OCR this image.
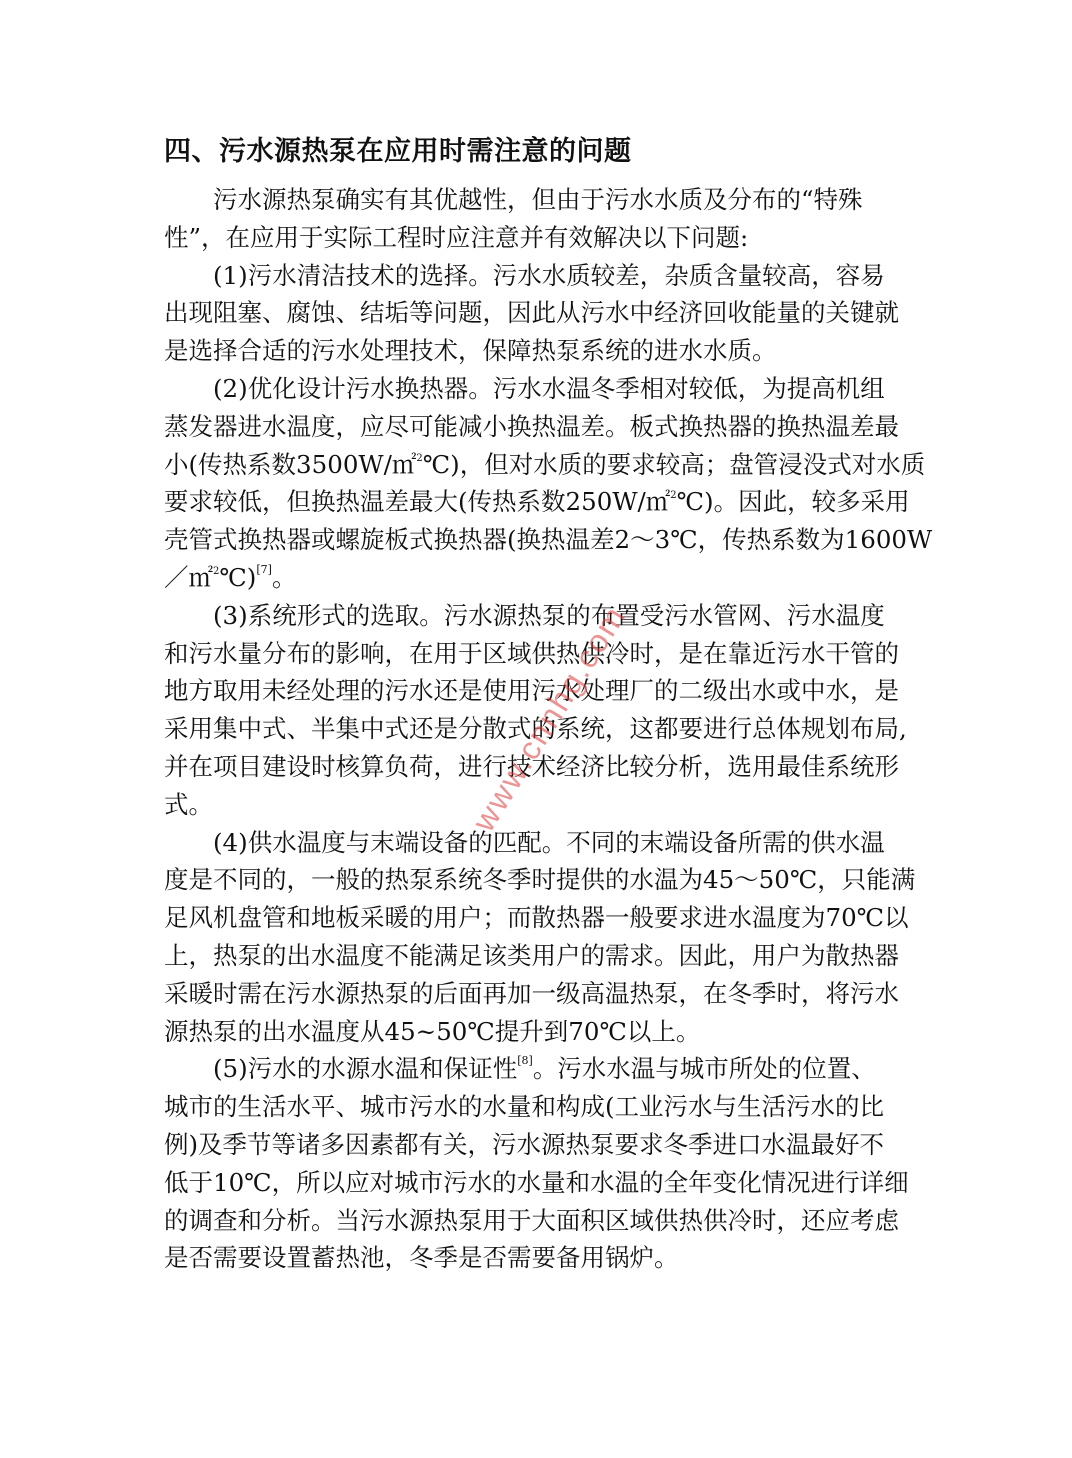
四、污水源热泵在应用时需注意的问题

污水源热泵确实有其优越性，但由于污水水质及分布的“特殊
性”，在应用于实际工程时应注意并有效解决以下问题:

(1)污水清洁技术的选择。污水水质较差，杂质含量较高，容易
出现阻塞、腐蚀、结垢等问题，因此从污水中经济回收能量的关键就
是选择合适的污水处理技术，保障热泵系统的进水水质。

(2)优化设计污水换热器。污水水温冬季相对较低，为提高机组
蒸发器进水温度，应尽可能减小换热温差。板式换热器的换热温差最
小(传热系数3500W/㎡$^2$℃)，但对水质的要求较高；盘管浸没式对水质
要求较低，但换热温差最大(传热系数250W/㎡$^2$℃)。因此，较多采用
壳管式换热器或螺旋板式换热器(换热温差2～3℃，传热系数为1600W
／㎡$^2$℃)[7]。

(3)系统形式的选取。污水源热泵的布置受污水管网、污水温度
和污水量分布的影响，在用于区域供热供冷时，是在靠近污水干管的
地方取用未经处理的污水还是使用污水处理厂的二级出水或中水，是
采用集中式、半集中式还是分散式的系统，这都要进行总体规划布局,
并在项目建设时核算负荷，进行技术经济比较分析，选用最佳系统形
式。

(4)供水温度与末端设备的匹配。不同的末端设备所需的供水温
度是不同的，一般的热泵系统冬季时提供的水温为45～50℃，只能满
足风机盘管和地板采暖的用户；而散热器一般要求进水温度为70℃以
上，热泵的出水温度不能满足该类用户的需求。因此，用户为散热器
采暖时需在污水源热泵的后面再加一级高温热泵，在冬季时，将污水
源热泵的出水温度从45~50℃提升到70℃以上。

(5)污水的水源水温和保证性[8]。污水水温与城市所处的位置、
城市的生活水平、城市污水的水量和构成(工业污水与生活污水的比
例)及季节等诸多因素都有关，污水源热泵要求冬季进口水温最好不
低于10℃，所以应对城市污水的水量和水温的全年变化情况进行详细
的调查和分析。当污水源热泵用于大面积区域供热供冷时，还应考虑
是否需要设置蓄热池，冬季是否需要备用锅炉。

www.cnnhg.com
